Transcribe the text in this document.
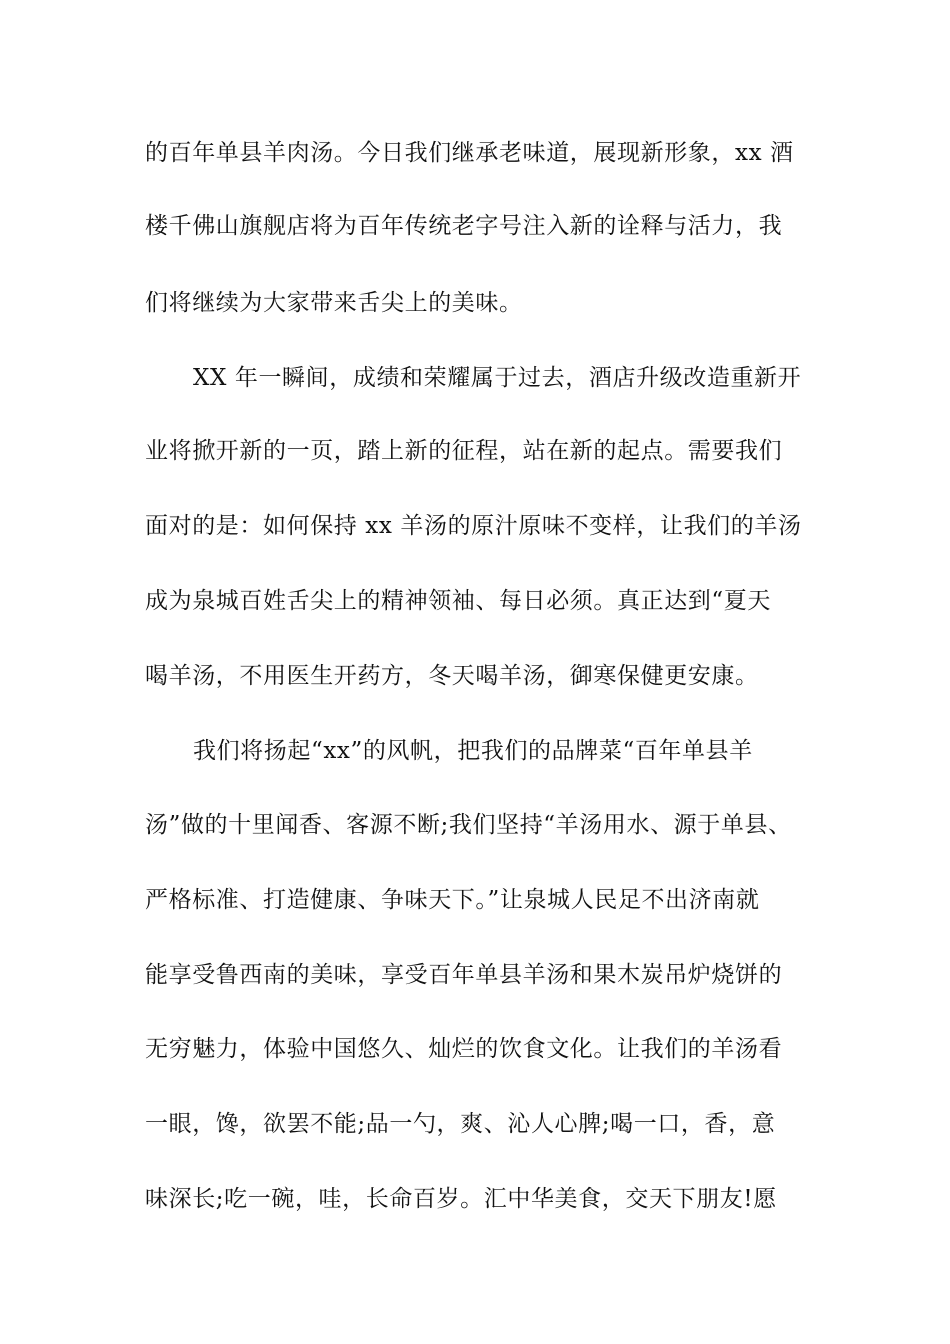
的百年单县羊肉汤。今日我们继承老味道，展现新形象，xx 酒
楼千佛山旗舰店将为百年传统老字号注入新的诠释与活力，我
们将继续为大家带来舌尖上的美味。
XX 年一瞬间，成绩和荣耀属于过去，酒店升级改造重新开
业将掀开新的一页，踏上新的征程，站在新的起点。需要我们
面对的是：如何保持 xx 羊汤的原汁原味不变样，让我们的羊汤
成为泉城百姓舌尖上的精神领袖、每日必须。真正达到“夏天
喝羊汤，不用医生开药方，冬天喝羊汤，御寒保健更安康。
我们将扬起“xx”的风帆，把我们的品牌菜“百年单县羊
汤”做的十里闻香、客源不断;我们坚持“羊汤用水、源于单县、
严格标准、打造健康、争味天下。”让泉城人民足不出济南就
能享受鲁西南的美味，享受百年单县羊汤和果木炭吊炉烧饼的
无穷魅力，体验中国悠久、灿烂的饮食文化。让我们的羊汤看
一眼，馋，欲罢不能;品一勺，爽、沁人心脾;喝一口，香，意
味深长;吃一碗，哇，长命百岁。汇中华美食，交天下朋友!愿
